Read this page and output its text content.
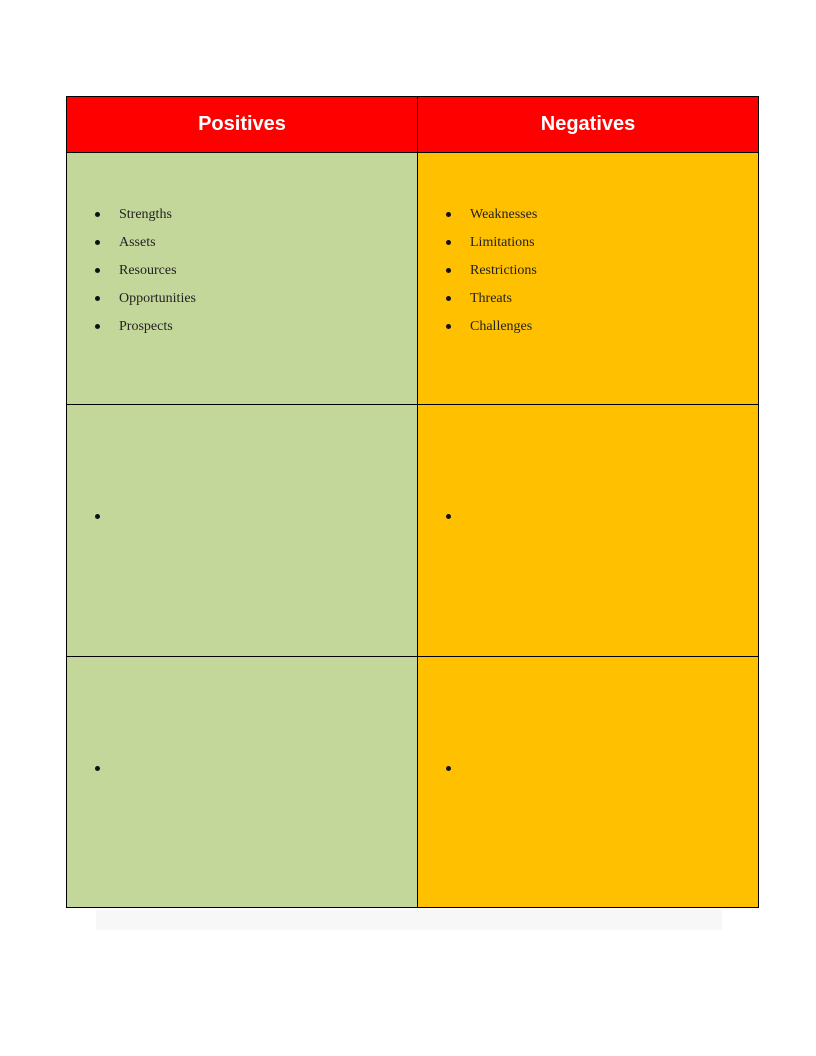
Positives	Negatives
Strengths
Assets
Resources
Opportunities
Prospects
Weaknesses
Limitations
Restrictions
Threats
Challenges
